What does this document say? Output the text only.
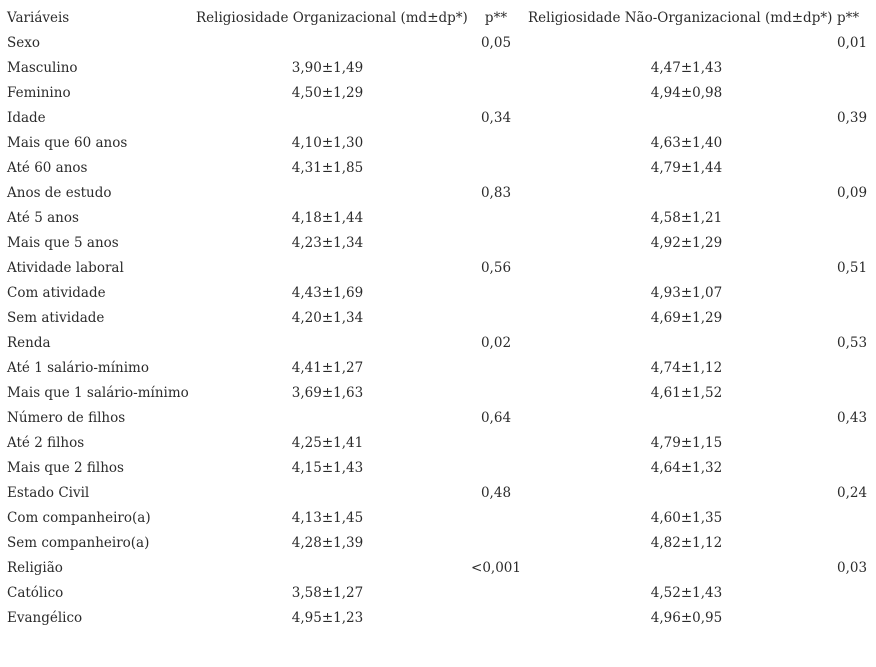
Variáveis	Religiosidade Organizacional (md±dp*)	p**	Religiosidade Não-Organizacional (md±dp*)	p**
Sexo		0,05		0,01
Masculino	3,90±1,49		4,47±1,43	
Feminino	4,50±1,29		4,94±0,98	
Idade		0,34		0,39
Mais que 60 anos	4,10±1,30		4,63±1,40	
Até 60 anos	4,31±1,85		4,79±1,44	
Anos de estudo		0,83		0,09
Até 5 anos	4,18±1,44		4,58±1,21	
Mais que 5 anos	4,23±1,34		4,92±1,29	
Atividade laboral		0,56		0,51
Com atividade	4,43±1,69		4,93±1,07	
Sem atividade	4,20±1,34		4,69±1,29	
Renda		0,02		0,53
Até 1 salário-mínimo	4,41±1,27		4,74±1,12	
Mais que 1 salário-mínimo	3,69±1,63		4,61±1,52	
Número de filhos		0,64		0,43
Até 2 filhos	4,25±1,41		4,79±1,15	
Mais que 2 filhos	4,15±1,43		4,64±1,32	
Estado Civil		0,48		0,24
Com companheiro(a)	4,13±1,45		4,60±1,35	
Sem companheiro(a)	4,28±1,39		4,82±1,12	
Religião		<0,001		0,03
Católico	3,58±1,27		4,52±1,43	
Evangélico	4,95±1,23		4,96±0,95	
